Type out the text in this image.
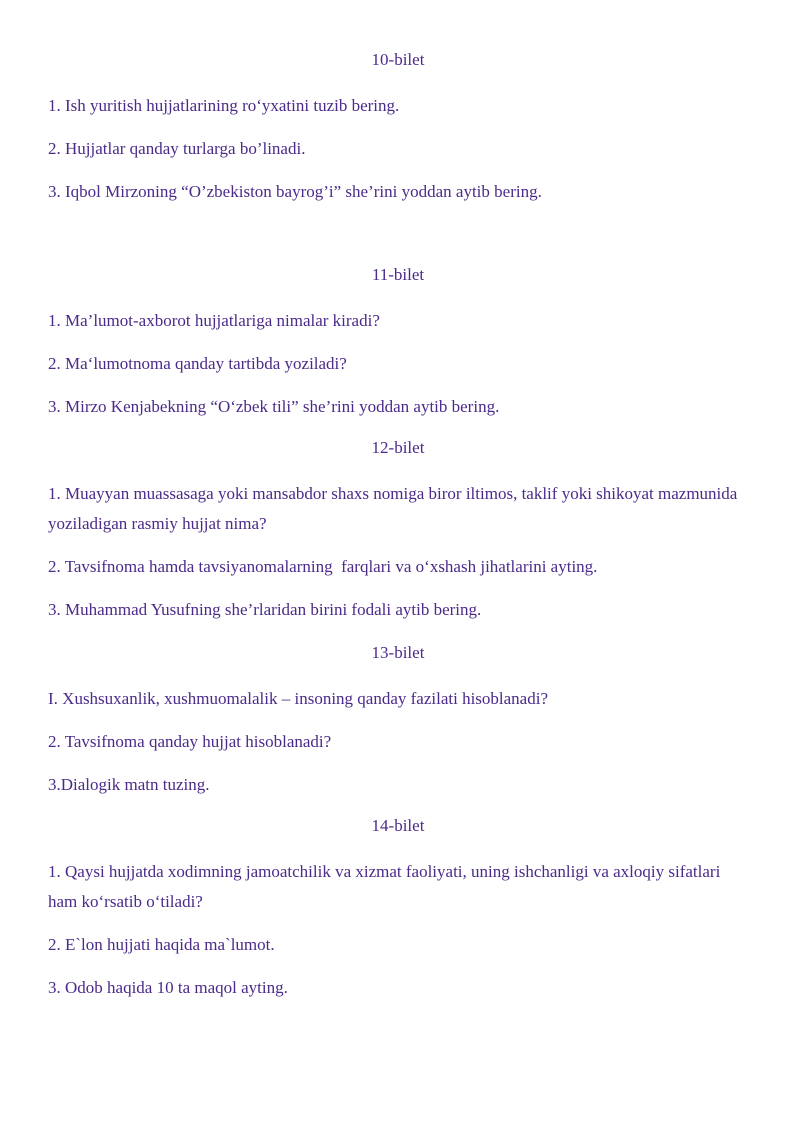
10-bilet

1. Ish yuritish hujjatlarining ro‘yxatini tuzib bering.

2. Hujjatlar qanday turlarga bo’linadi.

3. Iqbol Mirzoning “O’zbekiston bayrog’i” she’rini yoddan aytib bering.

11-bilet

1. Ma’lumot-axborot hujjatlariga nimalar kiradi?

2. Ma‘lumotnoma qanday tartibda yoziladi?

3. Mirzo Kenjabekning “O‘zbek tili” she’rini yoddan aytib bering.

12-bilet

1. Muayyan muassasaga yoki mansabdor shaxs nomiga biror iltimos, taklif yoki shikoyat mazmunida yoziladigan rasmiy hujjat nima?

2. Tavsifnoma hamda tavsiyanomalarning  farqlari va o‘xshash jihatlarini ayting.

3. Muhammad Yusufning she’rlaridan birini fodali aytib bering.

13-bilet

I. Xushsuxanlik, xushmuomalalik – insoning qanday fazilati hisoblanadi?

2. Tavsifnoma qanday hujjat hisoblanadi?

3.Dialogik matn tuzing.

14-bilet

1. Qaysi hujjatda xodimning jamoatchilik va xizmat faoliyati, uning ishchanligi va axloqiy sifatlari ham ko‘rsatib o‘tiladi?

2. E`lon hujjati haqida ma`lumot.

3. Odob haqida 10 ta maqol ayting.
